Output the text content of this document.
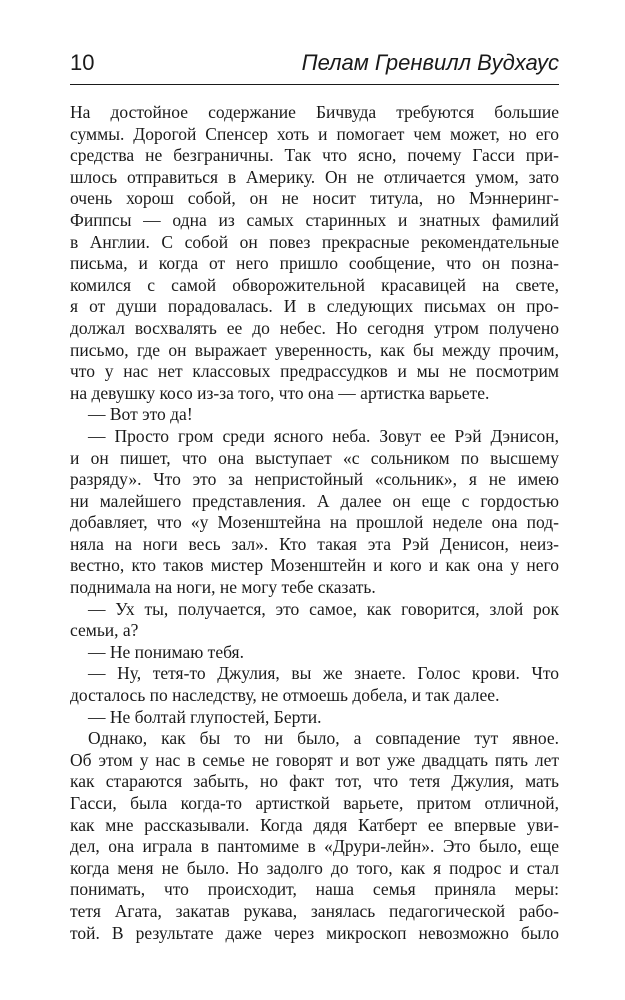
10	Пелам Гренвилл Вудхаус
На достойное содержание Бичвуда требуются большие
суммы. Дорогой Спенсер хоть и помогает чем может, но его
средства не безграничны. Так что ясно, почему Гасси при-
шлось отправиться в Америку. Он не отличается умом, зато
очень хорош собой, он не носит титула, но Мэннеринг-
Фиппсы — одна из самых старинных и знатных фамилий
в Англии. С собой он повез прекрасные рекомендательные
письма, и когда от него пришло сообщение, что он позна-
комился с самой обворожительной красавицей на свете,
я от души порадовалась. И в следующих письмах он про-
должал восхвалять ее до небес. Но сегодня утром получено
письмо, где он выражает уверенность, как бы между прочим,
что у нас нет классовых предрассудков и мы не посмотрим
на девушку косо из-за того, что она — артистка варьете.
— Вот это да!
— Просто гром среди ясного неба. Зовут ее Рэй Дэнисон,
и он пишет, что она выступает «с сольником по высшему
разряду». Что это за непристойный «сольник», я не имею
ни малейшего представления. А далее он еще с гордостью
добавляет, что «у Мозенштейна на прошлой неделе она под-
няла на ноги весь зал». Кто такая эта Рэй Денисон, неиз-
вестно, кто таков мистер Мозенштейн и кого и как она у него
поднимала на ноги, не могу тебе сказать.
— Ух ты, получается, это самое, как говорится, злой рок
семьи, а?
— Не понимаю тебя.
— Ну, тетя-то Джулия, вы же знаете. Голос крови. Что
досталось по наследству, не отмоешь добела, и так далее.
— Не болтай глупостей, Берти.
Однако, как бы то ни было, а совпадение тут явное.
Об этом у нас в семье не говорят и вот уже двадцать пять лет
как стараются забыть, но факт тот, что тетя Джулия, мать
Гасси, была когда-то артисткой варьете, притом отличной,
как мне рассказывали. Когда дядя Катберт ее впервые уви-
дел, она играла в пантомиме в «Друри-лейн». Это было, еще
когда меня не было. Но задолго до того, как я подрос и стал
понимать, что происходит, наша семья приняла меры:
тетя Агата, закатав рукава, занялась педагогической рабо-
той. В результате даже через микроскоп невозможно было
